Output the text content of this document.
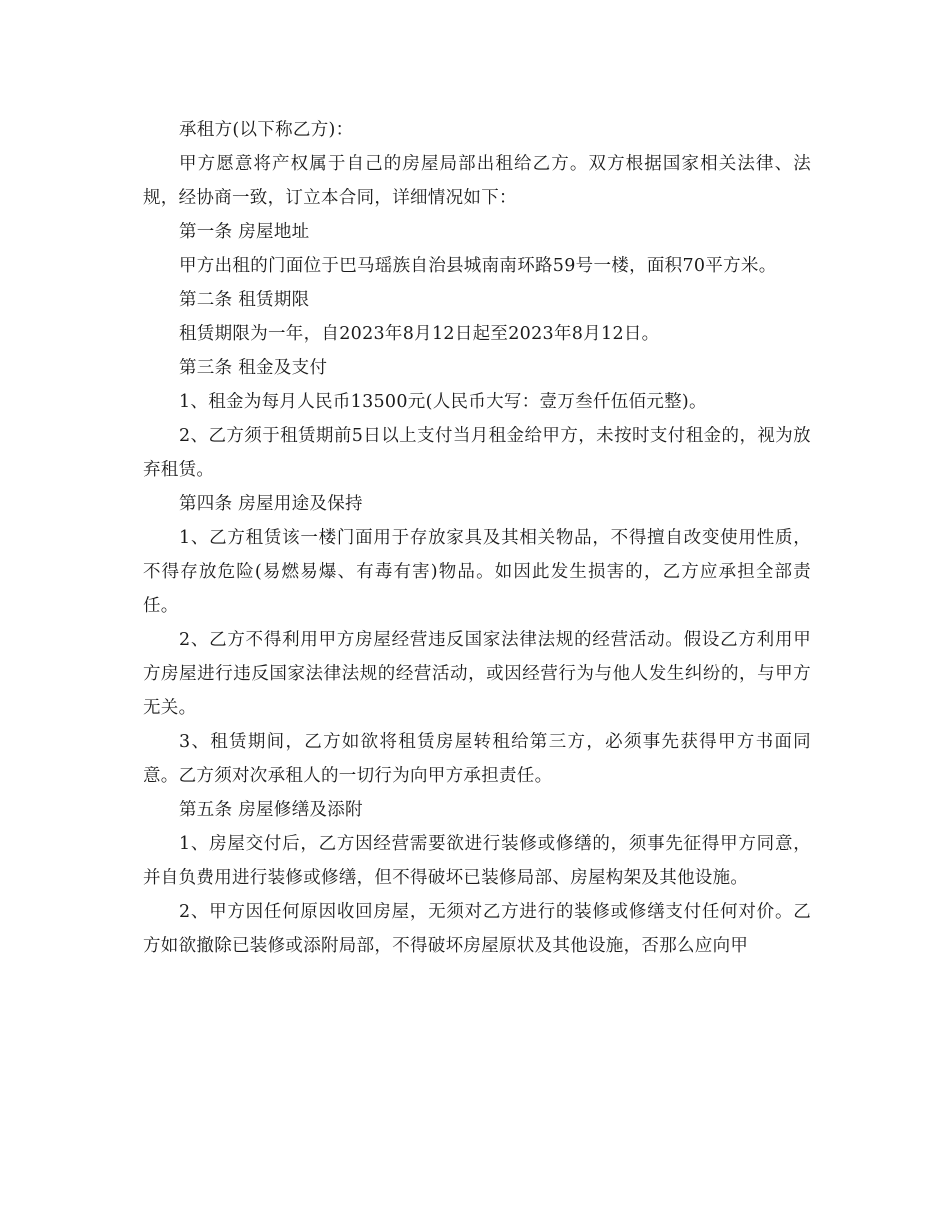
承租方(以下称乙方)：

甲方愿意将产权属于自己的房屋局部出租给乙方。双方根据国家相关法律、法规，经协商一致，订立本合同，详细情况如下：

第一条 房屋地址

甲方出租的门面位于巴马瑶族自治县城南南环路59号一楼，面积70平方米。

第二条 租赁期限

租赁期限为一年，自2023年8月12日起至2023年8月12日。

第三条 租金及支付

1、租金为每月人民币13500元(人民币大写：壹万叁仟伍佰元整)。

2、乙方须于租赁期前5日以上支付当月租金给甲方，未按时支付租金的，视为放弃租赁。

第四条 房屋用途及保持

1、乙方租赁该一楼门面用于存放家具及其相关物品，不得擅自改变使用性质，不得存放危险(易燃易爆、有毒有害)物品。如因此发生损害的，乙方应承担全部责任。

2、乙方不得利用甲方房屋经营违反国家法律法规的经营活动。假设乙方利用甲方房屋进行违反国家法律法规的经营活动，或因经营行为与他人发生纠纷的，与甲方无关。

3、租赁期间，乙方如欲将租赁房屋转租给第三方，必须事先获得甲方书面同意。乙方须对次承租人的一切行为向甲方承担责任。

第五条 房屋修缮及添附

1、房屋交付后，乙方因经营需要欲进行装修或修缮的，须事先征得甲方同意，并自负费用进行装修或修缮，但不得破坏已装修局部、房屋构架及其他设施。

2、甲方因任何原因收回房屋，无须对乙方进行的装修或修缮支付任何对价。乙方如欲撤除已装修或添附局部，不得破坏房屋原状及其他设施，否那么应向甲
